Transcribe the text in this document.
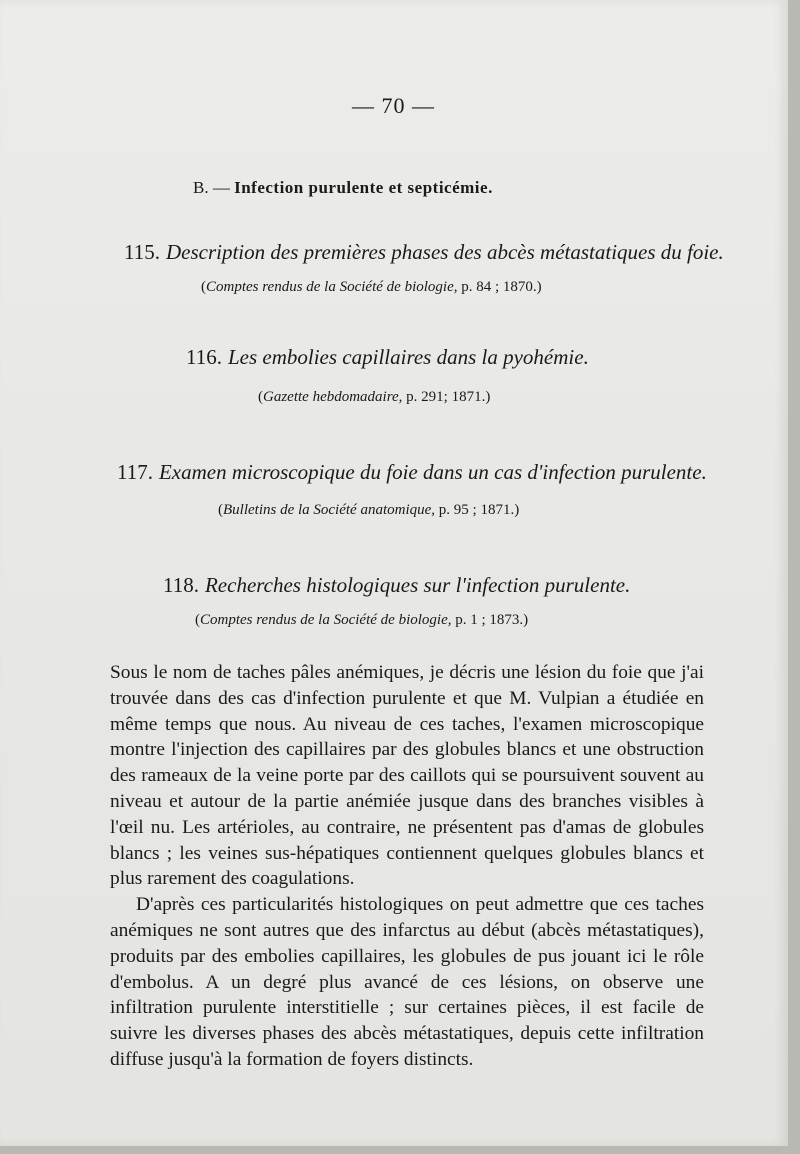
— 70 —
B. — Infection purulente et septicémie.
115. Description des premières phases des abcès métastatiques du foie.
(Comptes rendus de la Société de biologie, p. 84 ; 1870.)
116. Les embolies capillaires dans la pyohémie.
(Gazette hebdomadaire, p. 291; 1871.)
117. Examen microscopique du foie dans un cas d'infection purulente.
(Bulletins de la Société anatomique, p. 95 ; 1871.)
118. Recherches histologiques sur l'infection purulente.
(Comptes rendus de la Société de biologie, p. 1 ; 1873.)

Sous le nom de taches pâles anémiques, je décris une lésion du foie que j'ai trouvée dans des cas d'infection purulente et que M. Vulpian a étudiée en même temps que nous. Au niveau de ces taches, l'examen microscopique montre l'injection des capillaires par des globules blancs et une obstruction des rameaux de la veine porte par des caillots qui se poursuivent souvent au niveau et autour de la partie anémiée jusque dans des branches visibles à l'œil nu. Les artérioles, au contraire, ne présentent pas d'amas de globules blancs ; les veines sus-hépatiques contiennent quelques globules blancs et plus rarement des coagulations.

D'après ces particularités histologiques on peut admettre que ces taches anémiques ne sont autres que des infarctus au début (abcès métastatiques), produits par des embolies capillaires, les globules de pus jouant ici le rôle d'embolus. A un degré plus avancé de ces lésions, on observe une infiltration purulente interstitielle ; sur certaines pièces, il est facile de suivre les diverses phases des abcès métastatiques, depuis cette infiltration diffuse jusqu'à la formation de foyers distincts.
